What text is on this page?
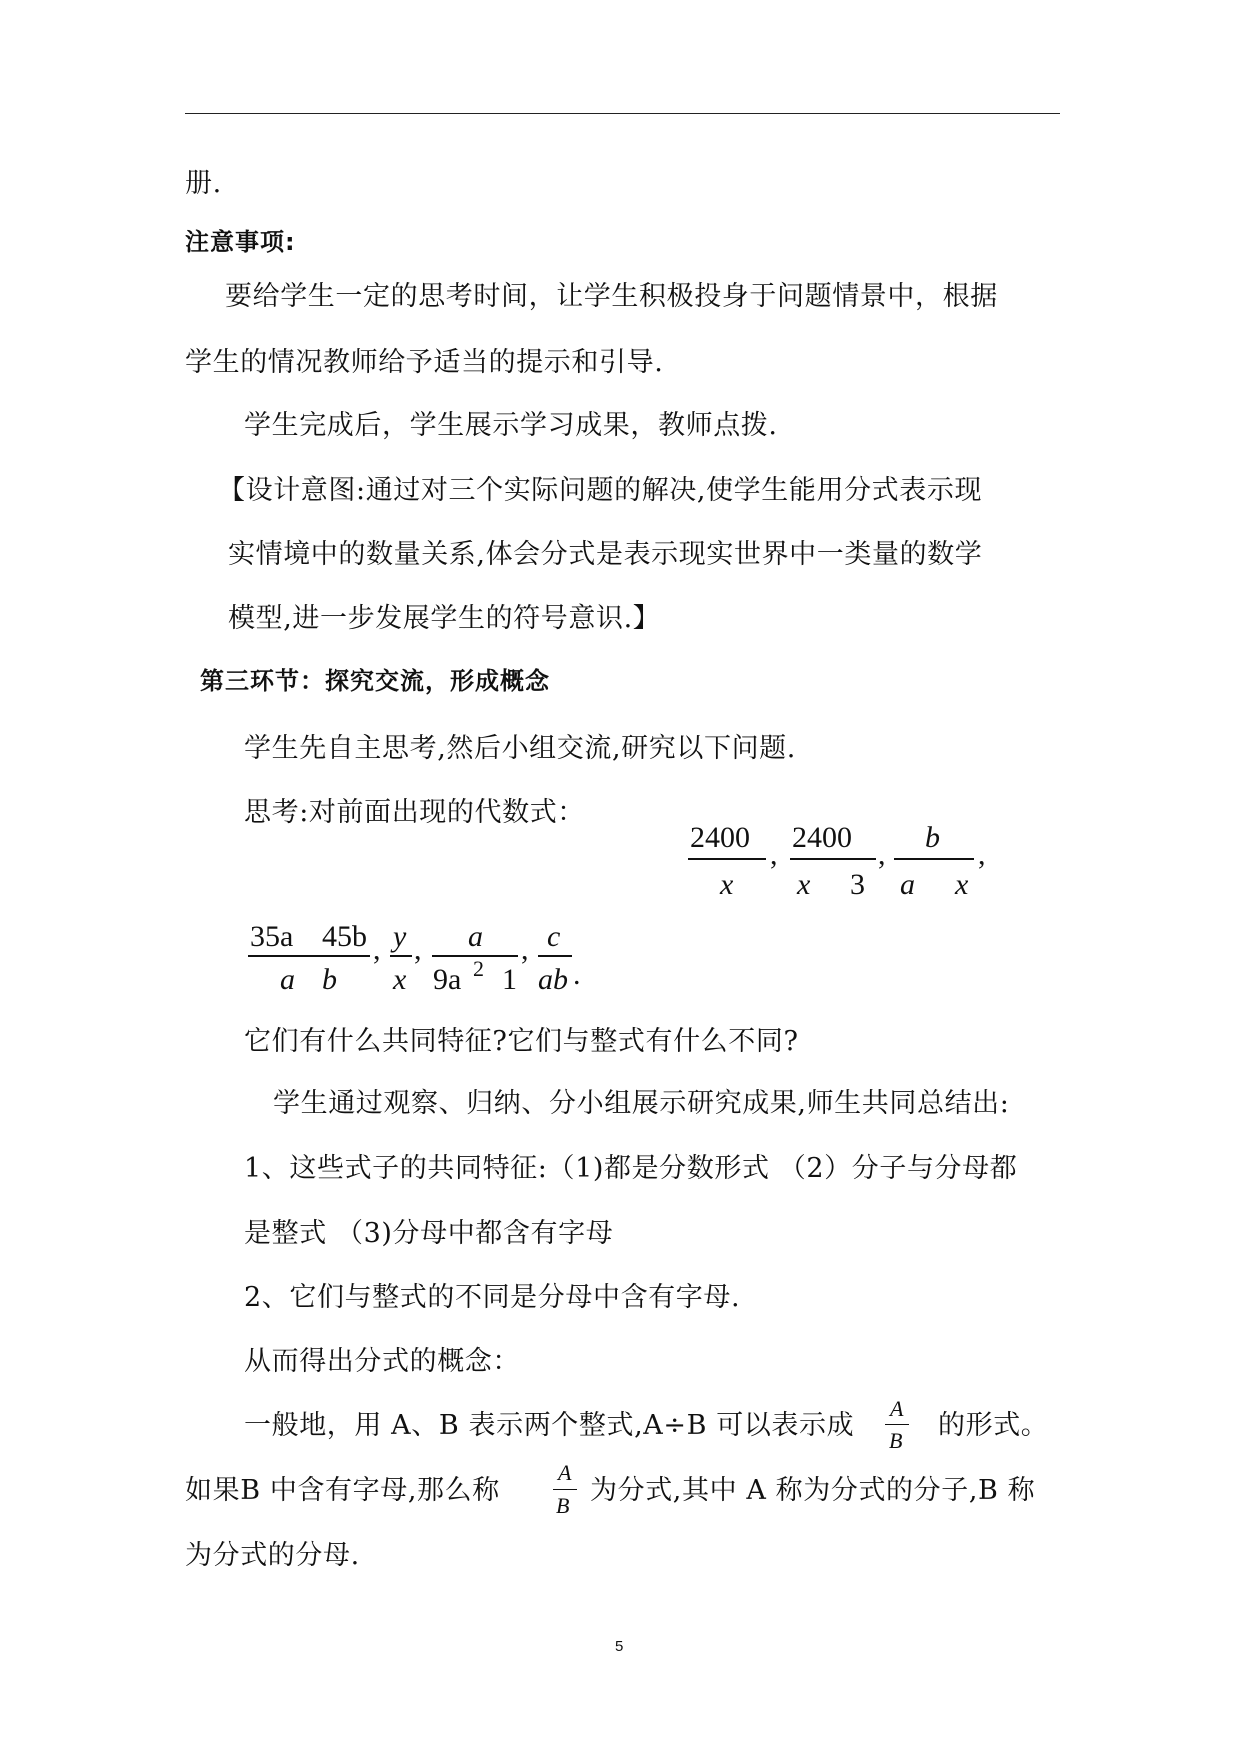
册.
注意事项:
要给学生一定的思考时间，让学生积极投身于问题情景中，根据
学生的情况教师给予适当的提示和引导.
学生完成后，学生展示学习成果，教师点拨.
【设计意图:通过对三个实际问题的解决,使学生能用分式表示现
实情境中的数量关系,体会分式是表示现实世界中一类量的数学
模型,进一步发展学生的符号意识.】
第三环节：探究交流，形成概念
学生先自主思考,然后小组交流,研究以下问题.
思考:对前面出现的代数式：
2400
x
,
2400
x 3
,
b
a x
,
35a 45b
a b
, y
x
, a
9a 2 1
, c
ab .
它们有什么共同特征?它们与整式有什么不同?
学生通过观察、归纳、分小组展示研究成果,师生共同总结出:
1、这些式子的共同特征:（1)都是分数形式 （2）分子与分母都
是整式 （3)分母中都含有字母
2、它们与整式的不同是分母中含有字母.
从而得出分式的概念：
一般地，用 A、B 表示两个整式,A÷B 可以表示成
A
B 的形式。
如果B 中含有字母,那么称
A
B 为分式,其中 A 称为分式的分子,B 称
为分式的分母.
5
